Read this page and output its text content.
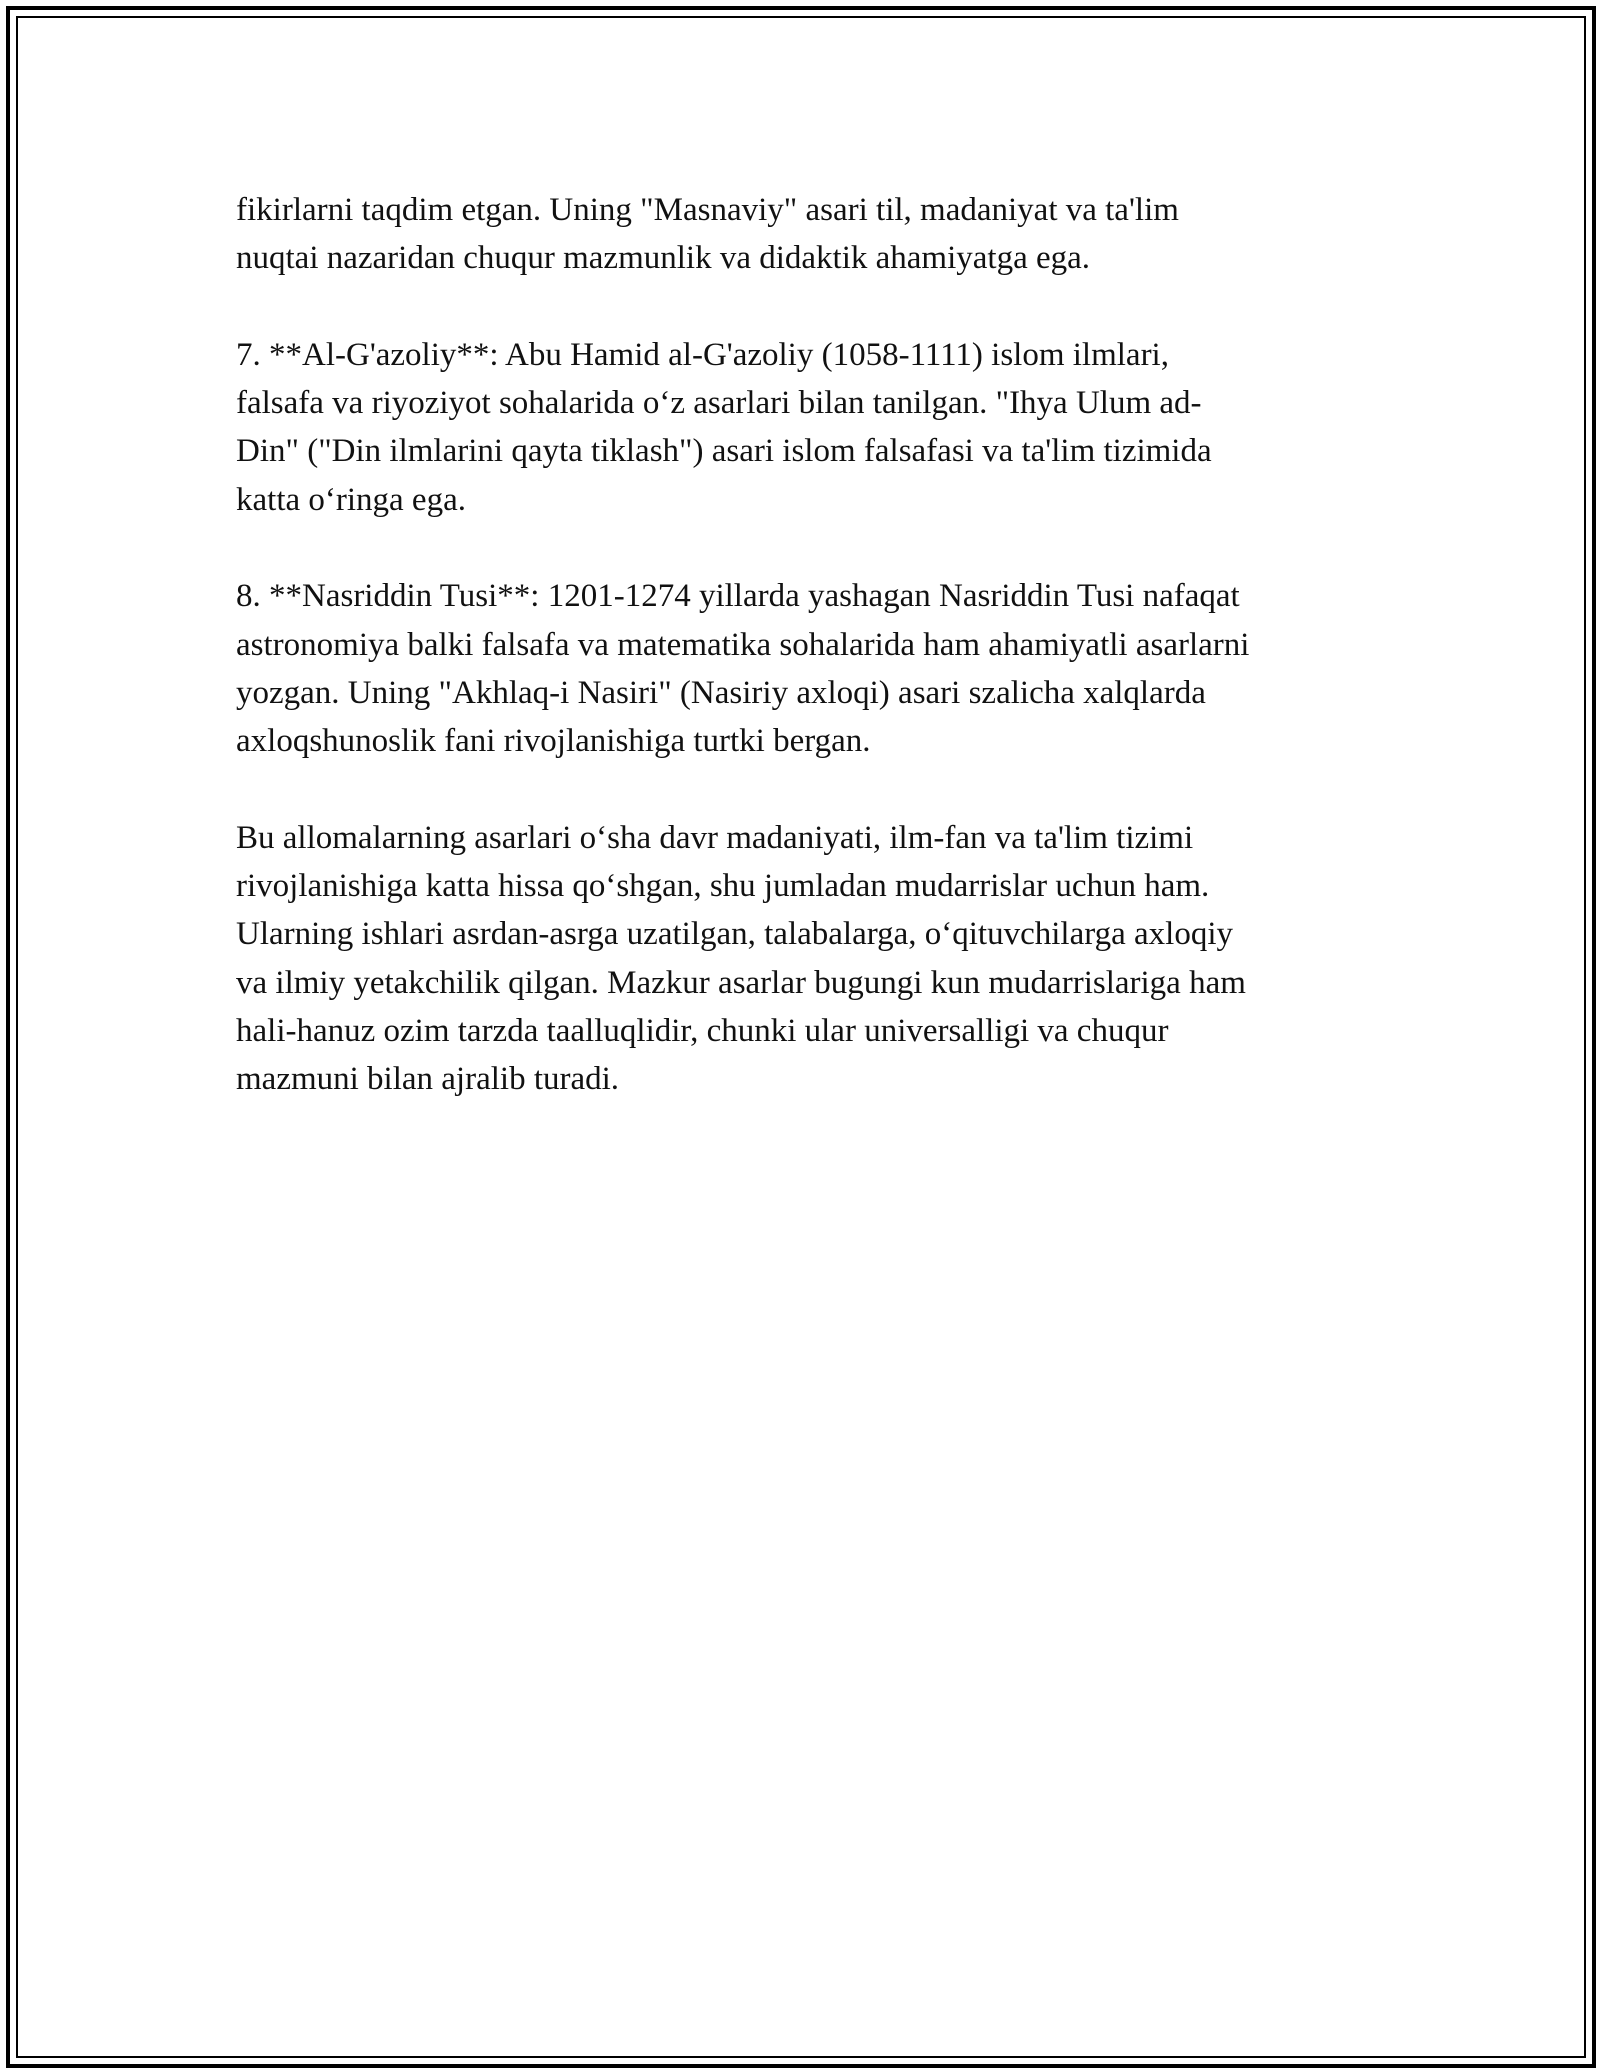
fikirlarni taqdim etgan. Uning "Masnaviy" asari til, madaniyat va ta'lim
nuqtai nazaridan chuqur mazmunlik va didaktik ahamiyatga ega.

7. **Al-G'azoliy**: Abu Hamid al-G'azoliy (1058-1111) islom ilmlari,
falsafa va riyoziyot sohalarida o‘z asarlari bilan tanilgan. "Ihya Ulum ad-
Din" ("Din ilmlarini qayta tiklash") asari islom falsafasi va ta'lim tizimida
katta o‘ringa ega.

8. **Nasriddin Tusi**: 1201-1274 yillarda yashagan Nasriddin Tusi nafaqat
astronomiya balki falsafa va matematika sohalarida ham ahamiyatli asarlarni
yozgan. Uning "Akhlaq-i Nasiri" (Nasiriy axloqi) asari szalicha xalqlarda
axloqshunoslik fani rivojlanishiga turtki bergan.

Bu allomalarning asarlari o‘sha davr madaniyati, ilm-fan va ta'lim tizimi
rivojlanishiga katta hissa qo‘shgan, shu jumladan mudarrislar uchun ham.
Ularning ishlari asrdan-asrga uzatilgan, talabalarga, o‘qituvchilarga axloqiy
va ilmiy yetakchilik qilgan. Mazkur asarlar bugungi kun mudarrislariga ham
hali-hanuz ozim tarzda taalluqlidir, chunki ular universalligi va chuqur
mazmuni bilan ajralib turadi.
